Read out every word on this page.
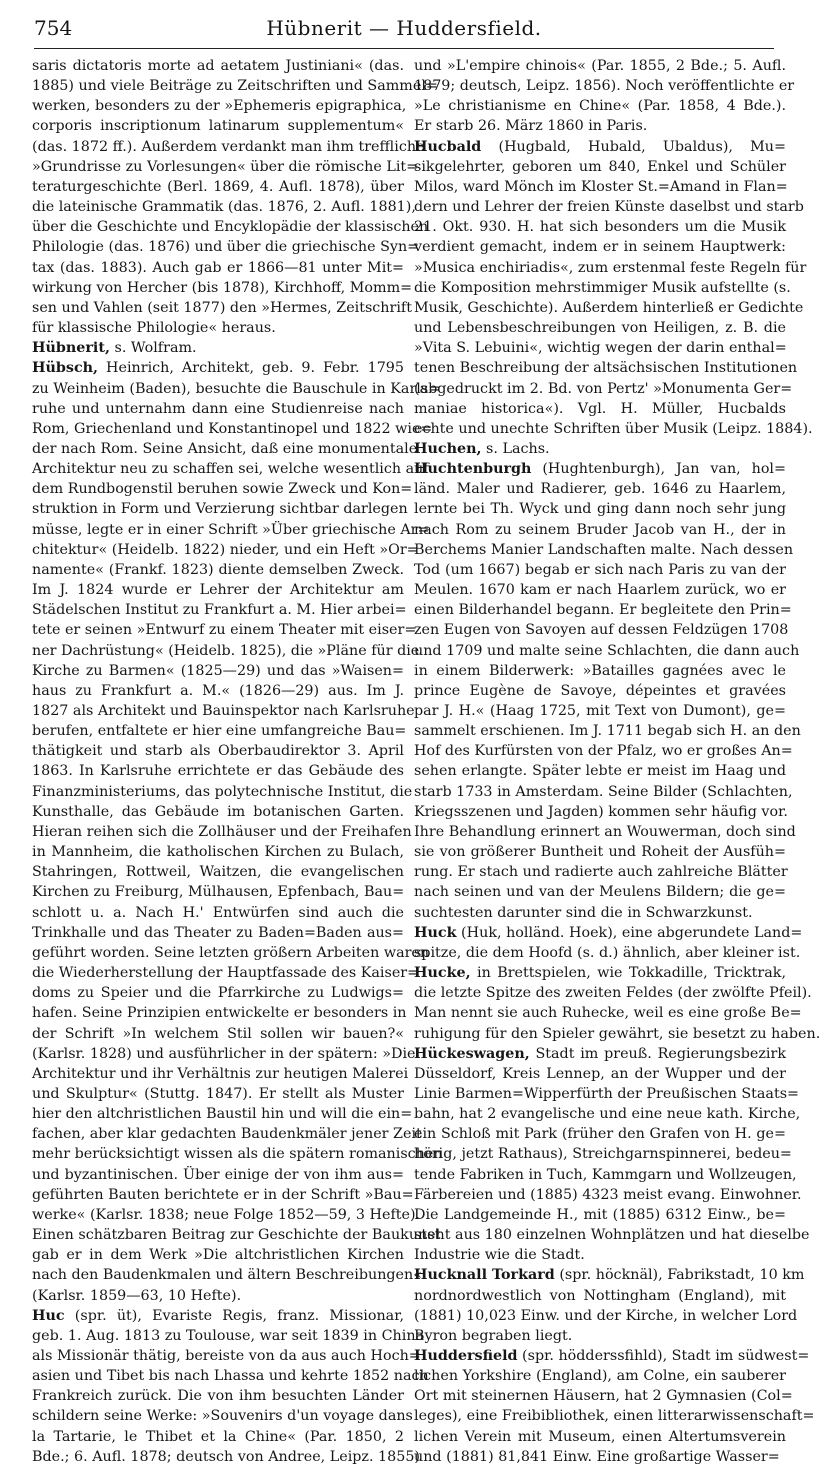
754	Hübnerit — Huddersfield.

saris dictatoris morte ad aetatem Justiniani« (das.
1885) und viele Beiträge zu Zeitschriften und Sammel=
werken, besonders zu der »Ephemeris epigraphica,
corporis inscriptionum latinarum supplementum«
(das. 1872 ff.). Außerdem verdankt man ihm treffliche
»Grundrisse zu Vorlesungen« über die römische Lit=
teraturgeschichte (Berl. 1869, 4. Aufl. 1878), über
die lateinische Grammatik (das. 1876, 2. Aufl. 1881),
über die Geschichte und Encyklopädie der klassischen
Philologie (das. 1876) und über die griechische Syn=
tax (das. 1883). Auch gab er 1866—81 unter Mit=
wirkung von Hercher (bis 1878), Kirchhoff, Momm=
sen und Vahlen (seit 1877) den »Hermes, Zeitschrift
für klassische Philologie« heraus.

Hübnerit, s. Wolfram.

Hübsch, Heinrich, Architekt, geb. 9. Febr. 1795
zu Weinheim (Baden), besuchte die Bauschule in Karls=
ruhe und unternahm dann eine Studienreise nach
Rom, Griechenland und Konstantinopel und 1822 wie=
der nach Rom. Seine Ansicht, daß eine monumentale
Architektur neu zu schaffen sei, welche wesentlich auf
dem Rundbogenstil beruhen sowie Zweck und Kon=
struktion in Form und Verzierung sichtbar darlegen
müsse, legte er in einer Schrift »Über griechische Ar=
chitektur« (Heidelb. 1822) nieder, und ein Heft »Or=
namente« (Frankf. 1823) diente demselben Zweck.
Im J. 1824 wurde er Lehrer der Architektur am
Städelschen Institut zu Frankfurt a. M. Hier arbei=
tete er seinen »Entwurf zu einem Theater mit eiser=
ner Dachrüstung« (Heidelb. 1825), die »Pläne für die
Kirche zu Barmen« (1825—29) und das »Waisen=
haus zu Frankfurt a. M.« (1826—29) aus. Im J.
1827 als Architekt und Bauinspektor nach Karlsruhe
berufen, entfaltete er hier eine umfangreiche Bau=
thätigkeit und starb als Oberbaudirektor 3. April
1863. In Karlsruhe errichtete er das Gebäude des
Finanzministeriums, das polytechnische Institut, die
Kunsthalle, das Gebäude im botanischen Garten.
Hieran reihen sich die Zollhäuser und der Freihafen
in Mannheim, die katholischen Kirchen zu Bulach,
Stahringen, Rottweil, Waitzen, die evangelischen
Kirchen zu Freiburg, Mülhausen, Epfenbach, Bau=
schlott u. a. Nach H.' Entwürfen sind auch die
Trinkhalle und das Theater zu Baden=Baden aus=
geführt worden. Seine letzten größern Arbeiten waren
die Wiederherstellung der Hauptfassade des Kaiser=
doms zu Speier und die Pfarrkirche zu Ludwigs=
hafen. Seine Prinzipien entwickelte er besonders in
der Schrift »In welchem Stil sollen wir bauen?«
(Karlsr. 1828) und ausführlicher in der spätern: »Die
Architektur und ihr Verhältnis zur heutigen Malerei
und Skulptur« (Stuttg. 1847). Er stellt als Muster
hier den altchristlichen Baustil hin und will die ein=
fachen, aber klar gedachten Baudenkmäler jener Zeit
mehr berücksichtigt wissen als die spätern romanischen
und byzantinischen. Über einige der von ihm aus=
geführten Bauten berichtete er in der Schrift »Bau=
werke« (Karlsr. 1838; neue Folge 1852—59, 3 Hefte).
Einen schätzbaren Beitrag zur Geschichte der Baukunst
gab er in dem Werk »Die altchristlichen Kirchen
nach den Baudenkmalen und ältern Beschreibungen«
(Karlsr. 1859—63, 10 Hefte).

Huc (spr. üt), Evariste Regis, franz. Missionar,
geb. 1. Aug. 1813 zu Toulouse, war seit 1839 in China
als Missionär thätig, bereiste von da aus auch Hoch=
asien und Tibet bis nach Lhassa und kehrte 1852 nach
Frankreich zurück. Die von ihm besuchten Länder
schildern seine Werke: »Souvenirs d'un voyage dans
la Tartarie, le Thibet et la Chine« (Par. 1850, 2
Bde.; 6. Aufl. 1878; deutsch von Andree, Leipz. 1855)

und »L'empire chinois« (Par. 1855, 2 Bde.; 5. Aufl.
1879; deutsch, Leipz. 1856). Noch veröffentlichte er
»Le christianisme en Chine« (Par. 1858, 4 Bde.).
Er starb 26. März 1860 in Paris.

Hucbald (Hugbald, Hubald, Ubaldus), Mu=
sikgelehrter, geboren um 840, Enkel und Schüler
Milos, ward Mönch im Kloster St.=Amand in Flan=
dern und Lehrer der freien Künste daselbst und starb
21. Okt. 930. H. hat sich besonders um die Musik
verdient gemacht, indem er in seinem Hauptwerk:
»Musica enchiriadis«, zum erstenmal feste Regeln für
die Komposition mehrstimmiger Musik aufstellte (s.
Musik, Geschichte). Außerdem hinterließ er Gedichte
und Lebensbeschreibungen von Heiligen, z. B. die
»Vita S. Lebuini«, wichtig wegen der darin enthal=
tenen Beschreibung der altsächsischen Institutionen
(abgedruckt im 2. Bd. von Pertz' »Monumenta Ger=
maniae historica«). Vgl. H. Müller, Hucbalds
echte und unechte Schriften über Musik (Leipz. 1884).

Huchen, s. Lachs.

Huchtenburgh (Hughtenburgh), Jan van, hol=
länd. Maler und Radierer, geb. 1646 zu Haarlem,
lernte bei Th. Wyck und ging dann noch sehr jung
nach Rom zu seinem Bruder Jacob van H., der in
Berchems Manier Landschaften malte. Nach dessen
Tod (um 1667) begab er sich nach Paris zu van der
Meulen. 1670 kam er nach Haarlem zurück, wo er
einen Bilderhandel begann. Er begleitete den Prin=
zen Eugen von Savoyen auf dessen Feldzügen 1708
und 1709 und malte seine Schlachten, die dann auch
in einem Bilderwerk: »Batailles gagnées avec le
prince Eugène de Savoye, dépeintes et gravées
par J. H.« (Haag 1725, mit Text von Dumont), ge=
sammelt erschienen. Im J. 1711 begab sich H. an den
Hof des Kurfürsten von der Pfalz, wo er großes An=
sehen erlangte. Später lebte er meist im Haag und
starb 1733 in Amsterdam. Seine Bilder (Schlachten,
Kriegsszenen und Jagden) kommen sehr häufig vor.
Ihre Behandlung erinnert an Wouwerman, doch sind
sie von größerer Buntheit und Roheit der Ausfüh=
rung. Er stach und radierte auch zahlreiche Blätter
nach seinen und van der Meulens Bildern; die ge=
suchtesten darunter sind die in Schwarzkunst.

Huck (Huk, holländ. Hoek), eine abgerundete Land=
spitze, die dem Hoofd (s. d.) ähnlich, aber kleiner ist.

Hucke, in Brettspielen, wie Tokkadille, Tricktrak,
die letzte Spitze des zweiten Feldes (der zwölfte Pfeil).
Man nennt sie auch Ruhecke, weil es eine große Be=
ruhigung für den Spieler gewährt, sie besetzt zu haben.

Hückeswagen, Stadt im preuß. Regierungsbezirk
Düsseldorf, Kreis Lennep, an der Wupper und der
Linie Barmen=Wipperfürth der Preußischen Staats=
bahn, hat 2 evangelische und eine neue kath. Kirche,
ein Schloß mit Park (früher den Grafen von H. ge=
hörig, jetzt Rathaus), Streichgarnspinnerei, bedeu=
tende Fabriken in Tuch, Kammgarn und Wollzeugen,
Färbereien und (1885) 4323 meist evang. Einwohner.
Die Landgemeinde H., mit (1885) 6312 Einw., be=
steht aus 180 einzelnen Wohnplätzen und hat dieselbe
Industrie wie die Stadt.

Hucknall Torkard (spr. höcknäl), Fabrikstadt, 10 km
nordnordwestlich von Nottingham (England), mit
(1881) 10,023 Einw. und der Kirche, in welcher Lord
Byron begraben liegt.

Huddersfield (spr. hödderssfihld), Stadt im südwest=
lichen Yorkshire (England), am Colne, ein sauberer
Ort mit steinernen Häusern, hat 2 Gymnasien (Col=
leges), eine Freibibliothek, einen litterarwissenschaft=
lichen Verein mit Museum, einen Altertumsverein
und (1881) 81,841 Einw. Eine großartige Wasser=
